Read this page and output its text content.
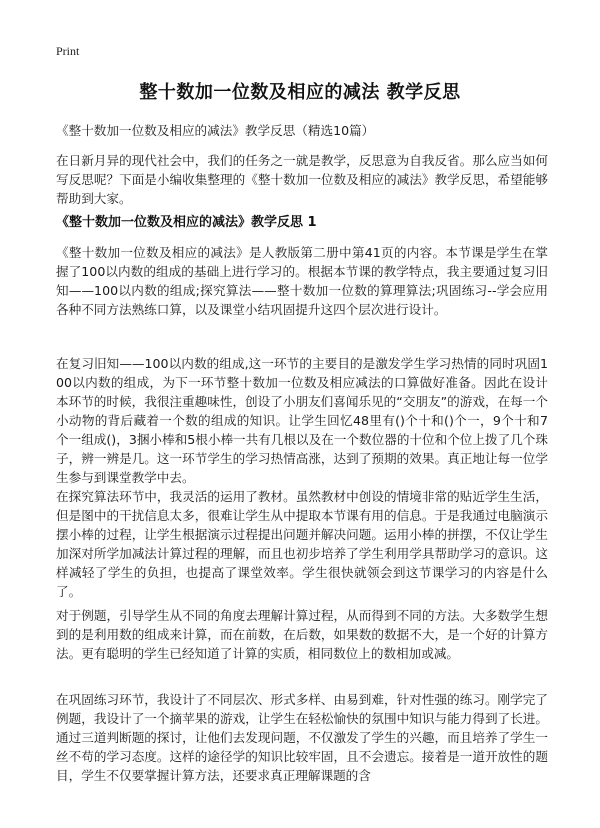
Print
整十数加一位数及相应的减法 教学反思
《整十数加一位数及相应的减法》教学反思（精选10篇）
在日新月异的现代社会中，我们的任务之一就是教学，反思意为自我反省。那么应当如何写反思呢？下面是小编收集整理的《整十数加一位数及相应的减法》教学反思，希望能够帮助到大家。
《整十数加一位数及相应的减法》教学反思 1
《整十数加一位数及相应的减法》是人教版第二册中第41页的内容。本节课是学生在掌握了100以内数的组成的基础上进行学习的。根据本节课的教学特点，我主要通过复习旧知——100以内数的组成;探究算法——整十数加一位数的算理算法;巩固练习--学会应用各种不同方法熟练口算，以及课堂小结巩固提升这四个层次进行设计。
在复习旧知——100以内数的组成,这一环节的主要目的是激发学生学习热情的同时巩固100以内数的组成，为下一环节整十数加一位数及相应减法的口算做好准备。因此在设计本环节的时候，我很注重趣味性，创设了小朋友们喜闻乐见的“交朋友”的游戏，在每一个小动物的背后藏着一个数的组成的知识。让学生回忆48里有()个十和()个一，9个十和7个一组成()，3捆小棒和5根小棒一共有几根以及在一个数位器的十位和个位上拨了几个珠子，辨一辨是几。这一环节学生的学习热情高涨，达到了预期的效果。真正地让每一位学生参与到课堂教学中去。
在探究算法环节中，我灵活的运用了教材。虽然教材中创设的情境非常的贴近学生生活，但是图中的干扰信息太多，很难让学生从中提取本节课有用的信息。于是我通过电脑演示摆小棒的过程，让学生根据演示过程提出问题并解决问题。运用小棒的拼摆，不仅让学生加深对所学加减法计算过程的理解，而且也初步培养了学生利用学具帮助学习的意识。这样减轻了学生的负担，也提高了课堂效率。学生很快就领会到这节课学习的内容是什么了。
对于例题，引导学生从不同的角度去理解计算过程，从而得到不同的方法。大多数学生想到的是利用数的组成来计算，而在前数，在后数，如果数的数据不大，是一个好的计算方法。更有聪明的学生已经知道了计算的实质，相同数位上的数相加或减。
在巩固练习环节，我设计了不同层次、形式多样、由易到难，针对性强的练习。刚学完了例题，我设计了一个摘苹果的游戏，让学生在轻松愉快的氛围中知识与能力得到了长进。通过三道判断题的探讨，让他们去发现问题，不仅激发了学生的兴趣，而且培养了学生一丝不苟的学习态度。这样的途径学的知识比较牢固，且不会遗忘。接着是一道开放性的题目，学生不仅要掌握计算方法，还要求真正理解课题的含
